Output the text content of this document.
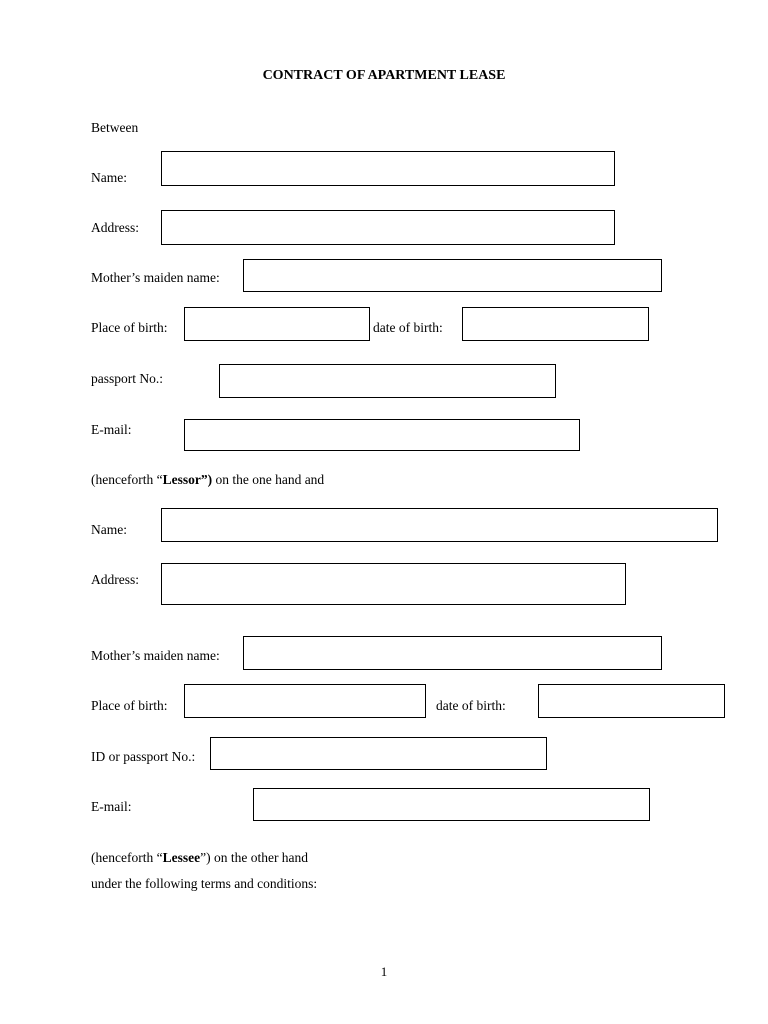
CONTRACT OF APARTMENT LEASE
Between
Name:
Address:
Mother’s maiden name:
Place of birth:	date of birth:
passport No.:
E-mail:
(henceforth “Lessor”) on the one hand and
Name:
Address:
Mother’s maiden name:
Place of birth:	date of birth:
ID or passport No.:
E-mail:
(henceforth “Lessee”) on the other hand
under the following terms and conditions:
1
